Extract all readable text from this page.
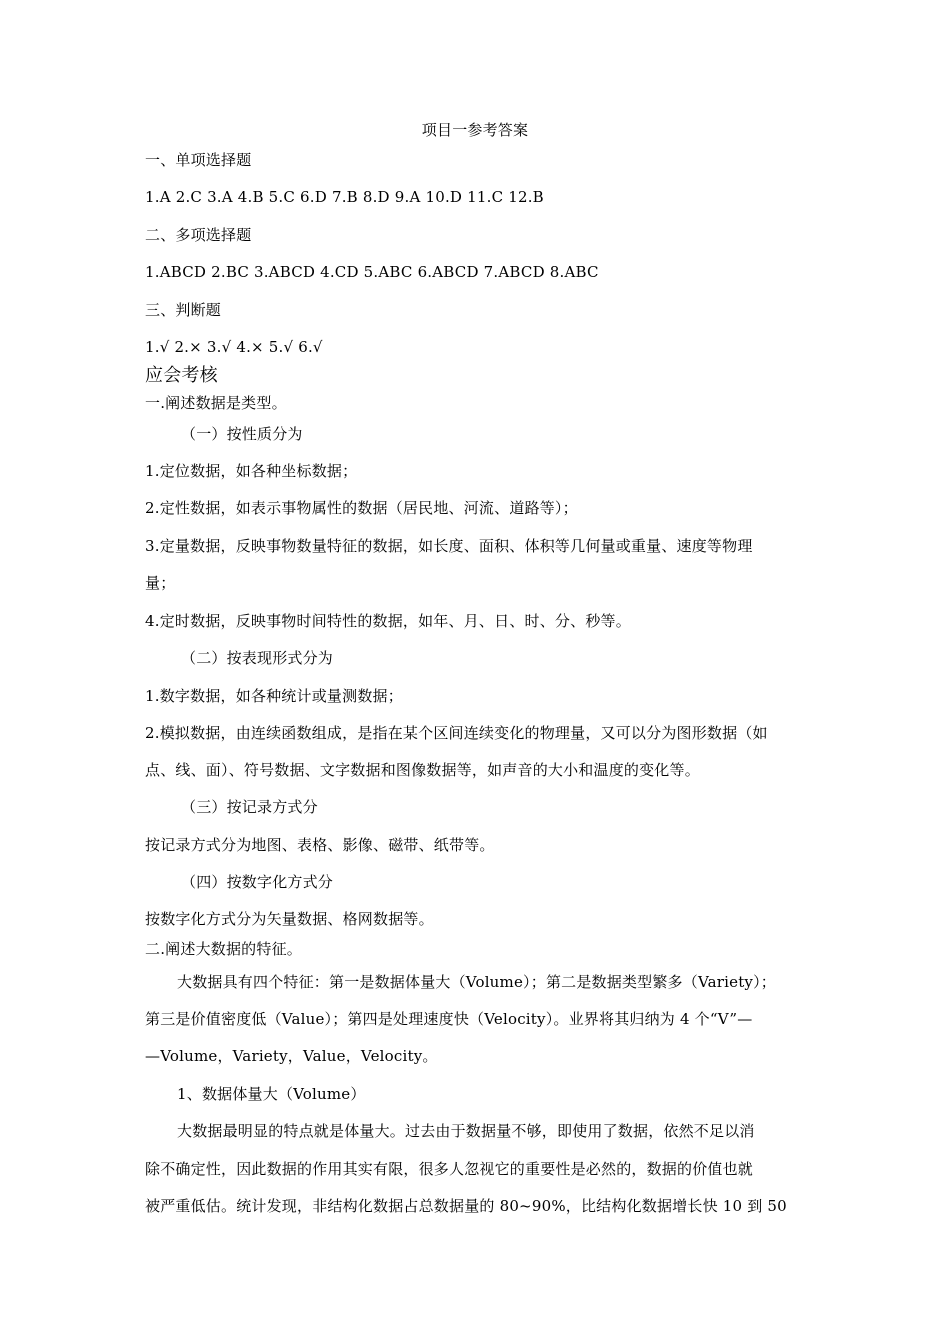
项目一参考答案
一、单项选择题
1.A 2.C 3.A 4.B 5.C 6.D 7.B 8.D 9.A 10.D 11.C 12.B
二、多项选择题
1.ABCD 2.BC 3.ABCD 4.CD 5.ABC 6.ABCD 7.ABCD 8.ABC
三、判断题
1.√ 2.× 3.√ 4.× 5.√ 6.√
应会考核
一.阐述数据是类型。
（一）按性质分为
1.定位数据，如各种坐标数据；
2.定性数据，如表示事物属性的数据（居民地、河流、道路等）；
3.定量数据，反映事物数量特征的数据，如长度、面积、体积等几何量或重量、速度等物理
量；
4.定时数据，反映事物时间特性的数据，如年、月、日、时、分、秒等。
（二）按表现形式分为
1.数字数据，如各种统计或量测数据；
2.模拟数据，由连续函数组成，是指在某个区间连续变化的物理量，又可以分为图形数据（如
点、线、面）、符号数据、文字数据和图像数据等，如声音的大小和温度的变化等。
（三）按记录方式分
按记录方式分为地图、表格、影像、磁带、纸带等。
（四）按数字化方式分
按数字化方式分为矢量数据、格网数据等。
二.阐述大数据的特征。
大数据具有四个特征：第一是数据体量大（Volume）；第二是数据类型繁多（Variety）；
第三是价值密度低（Value）；第四是处理速度快（Velocity）。业界将其归纳为 4 个“V”—
—Volume，Variety，Value，Velocity。
1、数据体量大（Volume）
大数据最明显的特点就是体量大。过去由于数据量不够，即使用了数据，依然不足以消
除不确定性，因此数据的作用其实有限，很多人忽视它的重要性是必然的，数据的价值也就
被严重低估。统计发现，非结构化数据占总数据量的 80~90%，比结构化数据增长快 10 到 50
